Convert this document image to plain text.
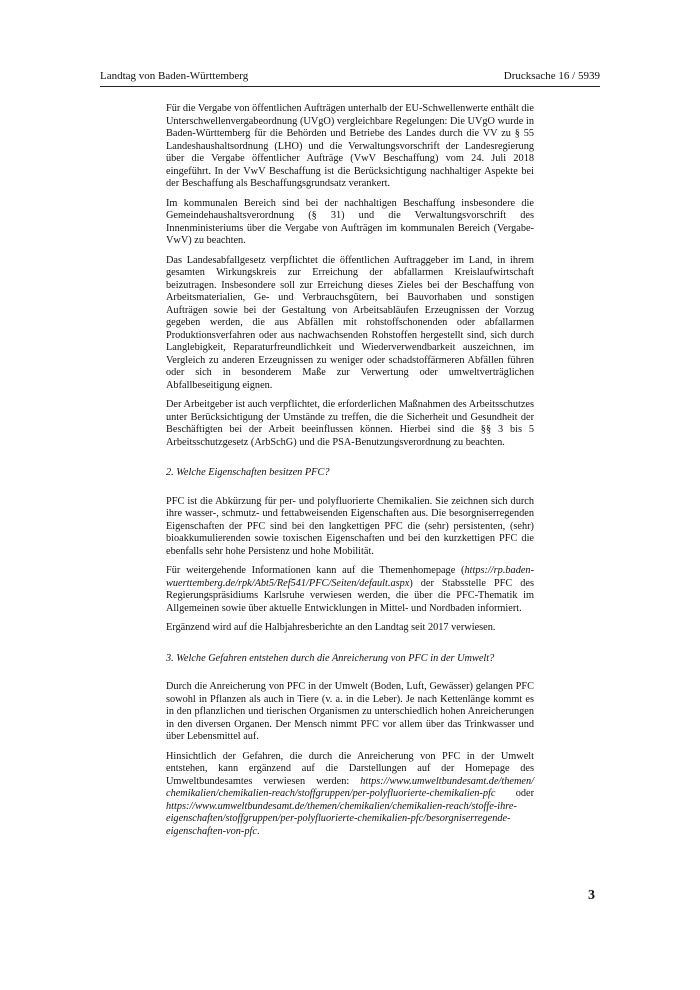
Landtag von Baden-Württemberg	Drucksache 16 / 5939

Für die Vergabe von öffentlichen Aufträgen unterhalb der EU-Schwellenwerte enthält die Unterschwellenvergabeordnung (UVgO) vergleichbare Regelungen: Die UVgO wurde in Baden-Württemberg für die Behörden und Betriebe des Landes durch die VV zu § 55 Landeshaushaltsordnung (LHO) und die Verwaltungsvorschrift der Landesregierung über die Vergabe öffentlicher Aufträge (VwV Beschaffung) vom 24. Juli 2018 eingeführt. In der VwV Beschaffung ist die Berücksichtigung nachhaltiger Aspekte bei der Beschaffung als Beschaffungsgrundsatz verankert.

Im kommunalen Bereich sind bei der nachhaltigen Beschaffung insbesondere die Gemeindehaushaltsverordnung (§ 31) und die Verwaltungsvorschrift des Innenministeriums über die Vergabe von Aufträgen im kommunalen Bereich (Vergabe-VwV) zu beachten.

Das Landesabfallgesetz verpflichtet die öffentlichen Auftraggeber im Land, in ihrem gesamten Wirkungskreis zur Erreichung der abfallarmen Kreislaufwirtschaft beizutragen. Insbesondere soll zur Erreichung dieses Zieles bei der Beschaffung von Arbeitsmaterialien, Ge- und Verbrauchsgütern, bei Bauvorhaben und sonstigen Aufträgen sowie bei der Gestaltung von Arbeitsabläufen Erzeugnissen der Vorzug gegeben werden, die aus Abfällen mit rohstoffschonenden oder abfallarmen Produktionsverfahren oder aus nachwachsenden Rohstoffen hergestellt sind, sich durch Langlebigkeit, Reparaturfreundlichkeit und Wiederverwendbarkeit auszeichnen, im Vergleich zu anderen Erzeugnissen zu weniger oder schadstoffärmeren Abfällen führen oder sich in besonderem Maße zur Verwertung oder umweltverträglichen Abfallbeseitigung eignen.

Der Arbeitgeber ist auch verpflichtet, die erforderlichen Maßnahmen des Arbeitsschutzes unter Berücksichtigung der Umstände zu treffen, die die Sicherheit und Gesundheit der Beschäftigten bei der Arbeit beeinflussen können. Hierbei sind die §§ 3 bis 5 Arbeitsschutzgesetz (ArbSchG) und die PSA-Benutzungsverordnung zu beachten.

2. Welche Eigenschaften besitzen PFC?

PFC ist die Abkürzung für per- und polyfluorierte Chemikalien. Sie zeichnen sich durch ihre wasser-, schmutz- und fettabweisenden Eigenschaften aus. Die besorgniserregenden Eigenschaften der PFC sind bei den langkettigen PFC die (sehr) persistenten, (sehr) bioakkumulierenden sowie toxischen Eigenschaften und bei den kurzkettigen PFC die ebenfalls sehr hohe Persistenz und hohe Mobilität.

Für weitergehende Informationen kann auf die Themenhomepage (https://rp.baden-wuerttemberg.de/rpk/Abt5/Ref541/PFC/Seiten/default.aspx) der Stabsstelle PFC des Regierungspräsidiums Karlsruhe verwiesen werden, die über die PFC-Thematik im Allgemeinen sowie über aktuelle Entwicklungen in Mittel- und Nordbaden informiert.

Ergänzend wird auf die Halbjahresberichte an den Landtag seit 2017 verwiesen.

3. Welche Gefahren entstehen durch die Anreicherung von PFC in der Umwelt?

Durch die Anreicherung von PFC in der Umwelt (Boden, Luft, Gewässer) gelangen PFC sowohl in Pflanzen als auch in Tiere (v. a. in die Leber). Je nach Kettenlänge kommt es in den pflanzlichen und tierischen Organismen zu unterschiedlich hohen Anreicherungen in den diversen Organen. Der Mensch nimmt PFC vor allem über das Trinkwasser und über Lebensmittel auf.

Hinsichtlich der Gefahren, die durch die Anreicherung von PFC in der Umwelt entstehen, kann ergänzend auf die Darstellungen auf der Homepage des Umweltbundesamtes verwiesen werden: https://www.umweltbundesamt.de/themen/chemikalien/chemikalien-reach/stoffgruppen/per-polyfluorierte-chemikalien-pfc oder https://www.umweltbundesamt.de/themen/chemikalien/chemikalien-reach/stoffe-ihre-eigenschaften/stoffgruppen/per-polyfluorierte-chemikalien-pfc/besorgniserregende-eigenschaften-von-pfc.

3
